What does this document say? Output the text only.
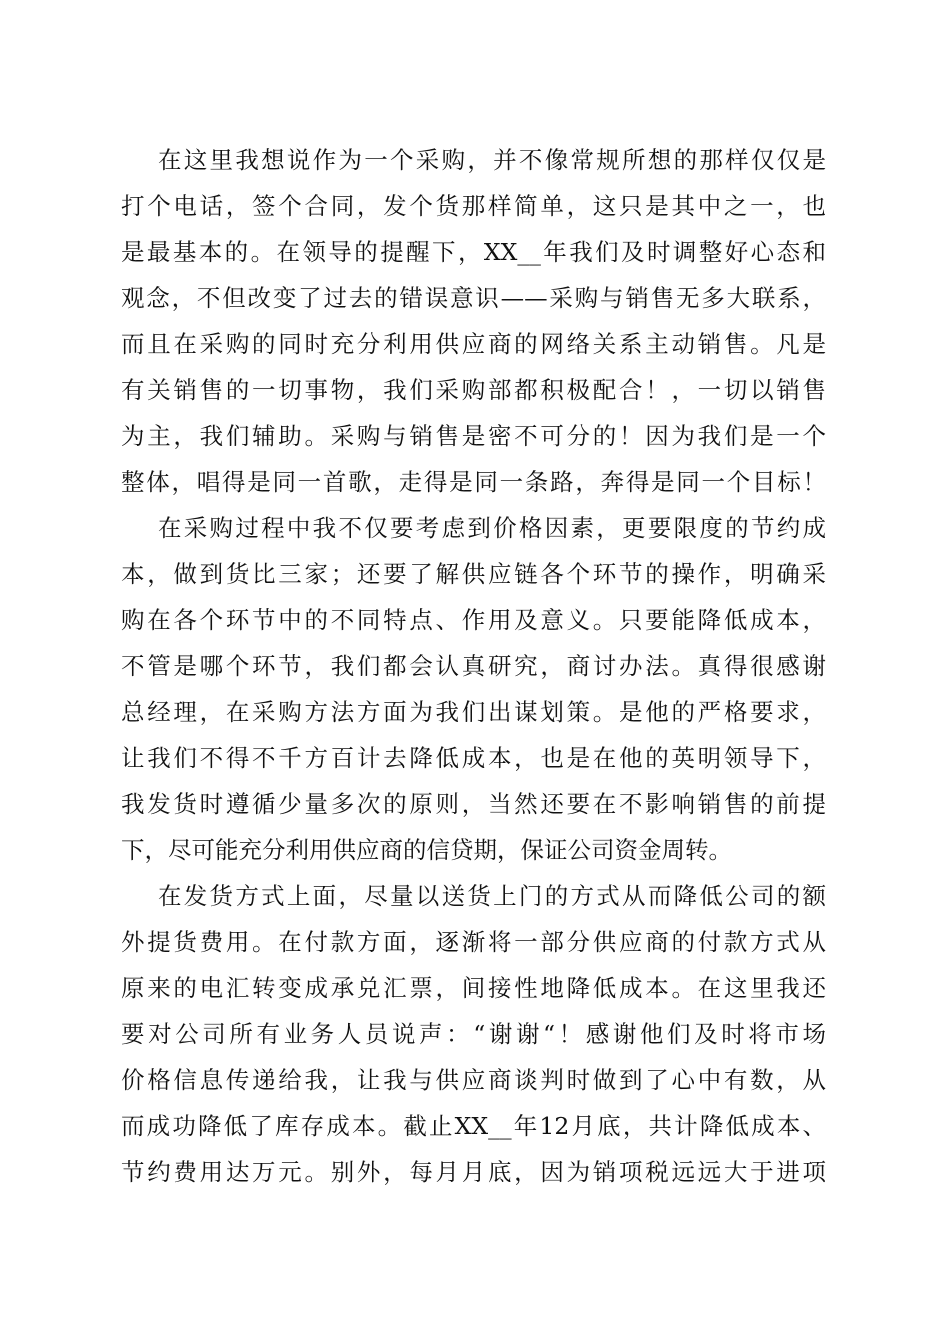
在这里我想说作为一个采购，并不像常规所想的那样仅仅是

打个电话，签个合同，发个货那样简单，这只是其中之一，也

是最基本的。在领导的提醒下，XX__年我们及时调整好心态和

观念，不但改变了过去的错误意识——采购与销售无多大联系，

而且在采购的同时充分利用供应商的网络关系主动销售。凡是

有关销售的一切事物，我们采购部都积极配合！，一切以销售

为主，我们辅助。采购与销售是密不可分的！因为我们是一个

整体，唱得是同一首歌，走得是同一条路，奔得是同一个目标！

在采购过程中我不仅要考虑到价格因素，更要限度的节约成

本，做到货比三家；还要了解供应链各个环节的操作，明确采

购在各个环节中的不同特点、作用及意义。只要能降低成本，

不管是哪个环节，我们都会认真研究，商讨办法。真得很感谢

总经理，在采购方法方面为我们出谋划策。是他的严格要求，

让我们不得不千方百计去降低成本，也是在他的英明领导下，

我发货时遵循少量多次的原则，当然还要在不影响销售的前提

下，尽可能充分利用供应商的信贷期，保证公司资金周转。

在发货方式上面，尽量以送货上门的方式从而降低公司的额

外提货费用。在付款方面，逐渐将一部分供应商的付款方式从

原来的电汇转变成承兑汇票，间接性地降低成本。在这里我还

要对公司所有业务人员说声：“谢谢“！感谢他们及时将市场

价格信息传递给我，让我与供应商谈判时做到了心中有数，从

而成功降低了库存成本。截止XX__年12月底，共计降低成本、

节约费用达万元。别外，每月月底，因为销项税远远大于进项
